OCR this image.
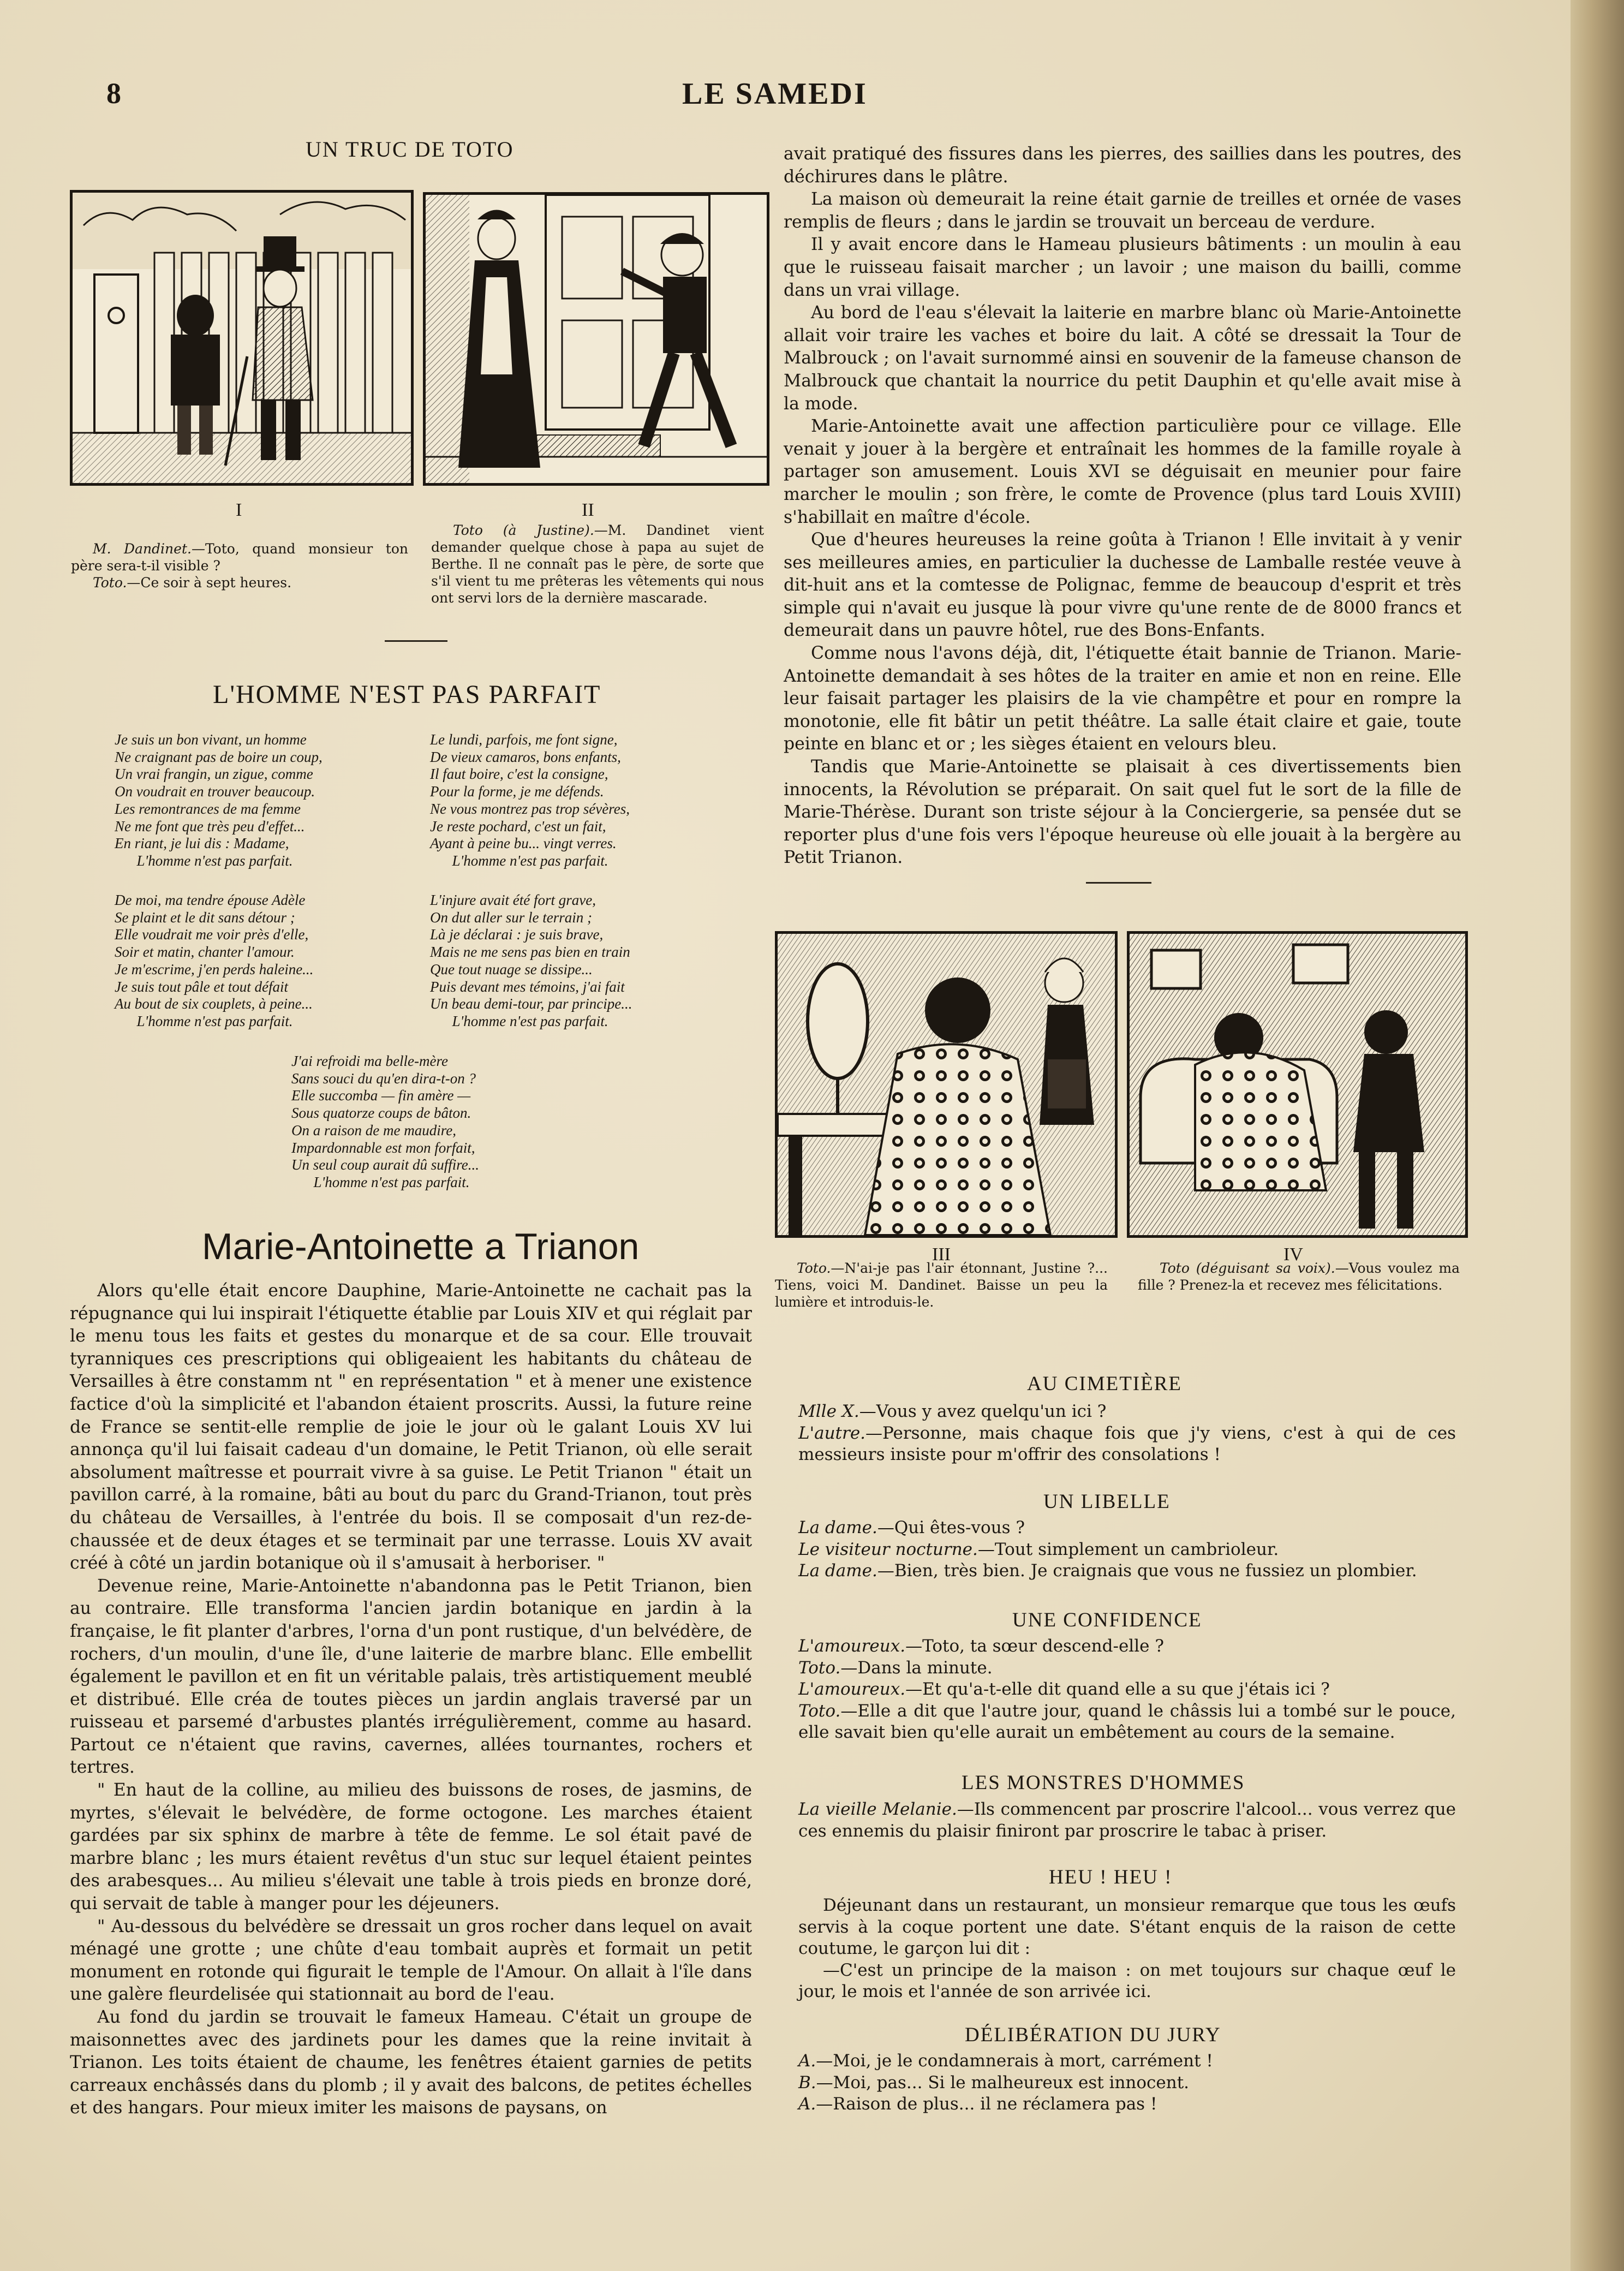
8	LE SAMEDI
UN TRUC DE TOTO
I
M. Dandinet.—Toto, quand monsieur ton père sera-t-il visible ?
Toto.—Ce soir à sept heures.
II
Toto (à Justine).—M. Dandinet vient demander quelque chose à papa au sujet de Berthe. Il ne connaît pas le père, de sorte que s'il vient tu me prêteras les vêtements qui nous ont servi lors de la dernière mascarade.
L'HOMME N'EST PAS PARFAIT
Je suis un bon vivant, un homme
Ne craignant pas de boire un coup,
Un vrai frangin, un zigue, comme
On voudrait en trouver beaucoup.
Les remontrances de ma femme
Ne me font que très peu d'effet...
En riant, je lui dis : Madame,
L'homme n'est pas parfait.
Le lundi, parfois, me font signe,
De vieux camaros, bons enfants,
Il faut boire, c'est la consigne,
Pour la forme, je me défends.
Ne vous montrez pas trop sévères,
Je reste pochard, c'est un fait,
Ayant à peine bu... vingt verres.
L'homme n'est pas parfait.
De moi, ma tendre épouse Adèle
Se plaint et le dit sans détour ;
Elle voudrait me voir près d'elle,
Soir et matin, chanter l'amour.
Je m'escrime, j'en perds haleine...
Je suis tout pâle et tout défait
Au bout de six couplets, à peine...
L'homme n'est pas parfait.
L'injure avait été fort grave,
On dut aller sur le terrain ;
Là je déclarai : je suis brave,
Mais ne me sens pas bien en train
Que tout nuage se dissipe...
Puis devant mes témoins, j'ai fait
Un beau demi-tour, par principe...
L'homme n'est pas parfait.
J'ai refroidi ma belle-mère
Sans souci du qu'en dira-t-on ?
Elle succomba — fin amère —
Sous quatorze coups de bâton.
On a raison de me maudire,
Impardonnable est mon forfait,
Un seul coup aurait dû suffire...
L'homme n'est pas parfait.
Marie-Antoinette a Trianon

Alors qu'elle était encore Dauphine, Marie-Antoinette ne cachait pas la répugnance qui lui inspirait l'étiquette établie par Louis XIV et qui réglait par le menu tous les faits et gestes du monarque et de sa cour. Elle trouvait tyranniques ces prescriptions qui obligeaient les habitants du château de Versailles à être constamm nt " en représentation " et à mener une existence factice d'où la simplicité et l'abandon étaient proscrits. Aussi, la future reine de France se sentit-elle remplie de joie le jour où le galant Louis XV lui annonça qu'il lui faisait cadeau d'un domaine, le Petit Trianon, où elle serait absolument maîtresse et pourrait vivre à sa guise. Le Petit Trianon " était un pavillon carré, à la romaine, bâti au bout du parc du Grand-Trianon, tout près du château de Versailles, à l'entrée du bois. Il se composait d'un rez-de-chaussée et de deux étages et se terminait par une terrasse. Louis XV avait créé à côté un jardin botanique où il s'amusait à herboriser. "

Devenue reine, Marie-Antoinette n'abandonna pas le Petit Trianon, bien au contraire. Elle transforma l'ancien jardin botanique en jardin à la française, le fit planter d'arbres, l'orna d'un pont rustique, d'un belvédère, de rochers, d'un moulin, d'une île, d'une laiterie de marbre blanc. Elle embellit également le pavillon et en fit un véritable palais, très artistiquement meublé et distribué. Elle créa de toutes pièces un jardin anglais traversé par un ruisseau et parsemé d'arbustes plantés irrégulièrement, comme au hasard. Partout ce n'étaient que ravins, cavernes, allées tournantes, rochers et tertres.

" En haut de la colline, au milieu des buissons de roses, de jasmins, de myrtes, s'élevait le belvédère, de forme octogone. Les marches étaient gardées par six sphinx de marbre à tête de femme. Le sol était pavé de marbre blanc ; les murs étaient revêtus d'un stuc sur lequel étaient peintes des arabesques... Au milieu s'élevait une table à trois pieds en bronze doré, qui servait de table à manger pour les déjeuners.

" Au-dessous du belvédère se dressait un gros rocher dans lequel on avait ménagé une grotte ; une chûte d'eau tombait auprès et formait un petit monument en rotonde qui figurait le temple de l'Amour. On allait à l'île dans une galère fleurdelisée qui stationnait au bord de l'eau.

Au fond du jardin se trouvait le fameux Hameau. C'était un groupe de maisonnettes avec des jardinets pour les dames que la reine invitait à Trianon. Les toits étaient de chaume, les fenêtres étaient garnies de petits carreaux enchâssés dans du plomb ; il y avait des balcons, de petites échelles et des hangars. Pour mieux imiter les maisons de paysans, on

avait pratiqué des fissures dans les pierres, des saillies dans les poutres, des déchirures dans le plâtre.

La maison où demeurait la reine était garnie de treilles et ornée de vases remplis de fleurs ; dans le jardin se trouvait un berceau de verdure.

Il y avait encore dans le Hameau plusieurs bâtiments : un moulin à eau que le ruisseau faisait marcher ; un lavoir ; une maison du bailli, comme dans un vrai village.

Au bord de l'eau s'élevait la laiterie en marbre blanc où Marie-Antoinette allait voir traire les vaches et boire du lait. A côté se dressait la Tour de Malbrouck ; on l'avait surnommé ainsi en souvenir de la fameuse chanson de Malbrouck que chantait la nourrice du petit Dauphin et qu'elle avait mise à la mode.

Marie-Antoinette avait une affection particulière pour ce village. Elle venait y jouer à la bergère et entraînait les hommes de la famille royale à partager son amusement. Louis XVI se déguisait en meunier pour faire marcher le moulin ; son frère, le comte de Provence (plus tard Louis XVIII) s'habillait en maître d'école.

Que d'heures heureuses la reine goûta à Trianon ! Elle invitait à y venir ses meilleures amies, en particulier la duchesse de Lamballe restée veuve à dit-huit ans et la comtesse de Polignac, femme de beaucoup d'esprit et très simple qui n'avait eu jusque là pour vivre qu'une rente de de 8000 francs et demeurait dans un pauvre hôtel, rue des Bons-Enfants.

Comme nous l'avons déjà, dit, l'étiquette était bannie de Trianon. Marie-Antoinette demandait à ses hôtes de la traiter en amie et non en reine. Elle leur faisait partager les plaisirs de la vie champêtre et pour en rompre la monotonie, elle fit bâtir un petit théâtre. La salle était claire et gaie, toute peinte en blanc et or ; les sièges étaient en velours bleu.

Tandis que Marie-Antoinette se plaisait à ces divertissements bien innocents, la Révolution se préparait. On sait quel fut le sort de la fille de Marie-Thérèse. Durant son triste séjour à la Conciergerie, sa pensée dut se reporter plus d'une fois vers l'époque heureuse où elle jouait à la bergère au Petit Trianon.

III
Toto.—N'ai-je pas l'air étonnant, Justine ?... Tiens, voici M. Dandinet. Baisse un peu la lumière et introduis-le.
IV
Toto (déguisant sa voix).—Vous voulez ma fille ? Prenez-la et recevez mes félicitations.
AU CIMETIÈRE

Mlle X.—Vous y avez quelqu'un ici ?

L'autre.—Personne, mais chaque fois que j'y viens, c'est à qui de ces messieurs insiste pour m'offrir des consolations !

UN LIBELLE

La dame.—Qui êtes-vous ?

Le visiteur nocturne.—Tout simplement un cambrioleur.

La dame.—Bien, très bien. Je craignais que vous ne fussiez un plombier.

UNE CONFIDENCE

L'amoureux.—Toto, ta sœur descend-elle ?

Toto.—Dans la minute.

L'amoureux.—Et qu'a-t-elle dit quand elle a su que j'étais ici ?

Toto.—Elle a dit que l'autre jour, quand le châssis lui a tombé sur le pouce, elle savait bien qu'elle aurait un embêtement au cours de la semaine.

LES MONSTRES D'HOMMES

La vieille Melanie.—Ils commencent par proscrire l'alcool... vous verrez que ces ennemis du plaisir finiront par proscrire le tabac à priser.

HEU ! HEU !

Déjeunant dans un restaurant, un monsieur remarque que tous les œufs servis à la coque portent une date. S'étant enquis de la raison de cette coutume, le garçon lui dit :

—C'est un principe de la maison : on met toujours sur chaque œuf le jour, le mois et l'année de son arrivée ici.

DÉLIBÉRATION DU JURY

A.—Moi, je le condamnerais à mort, carrément !

B.—Moi, pas... Si le malheureux est innocent.

A.—Raison de plus... il ne réclamera pas !
